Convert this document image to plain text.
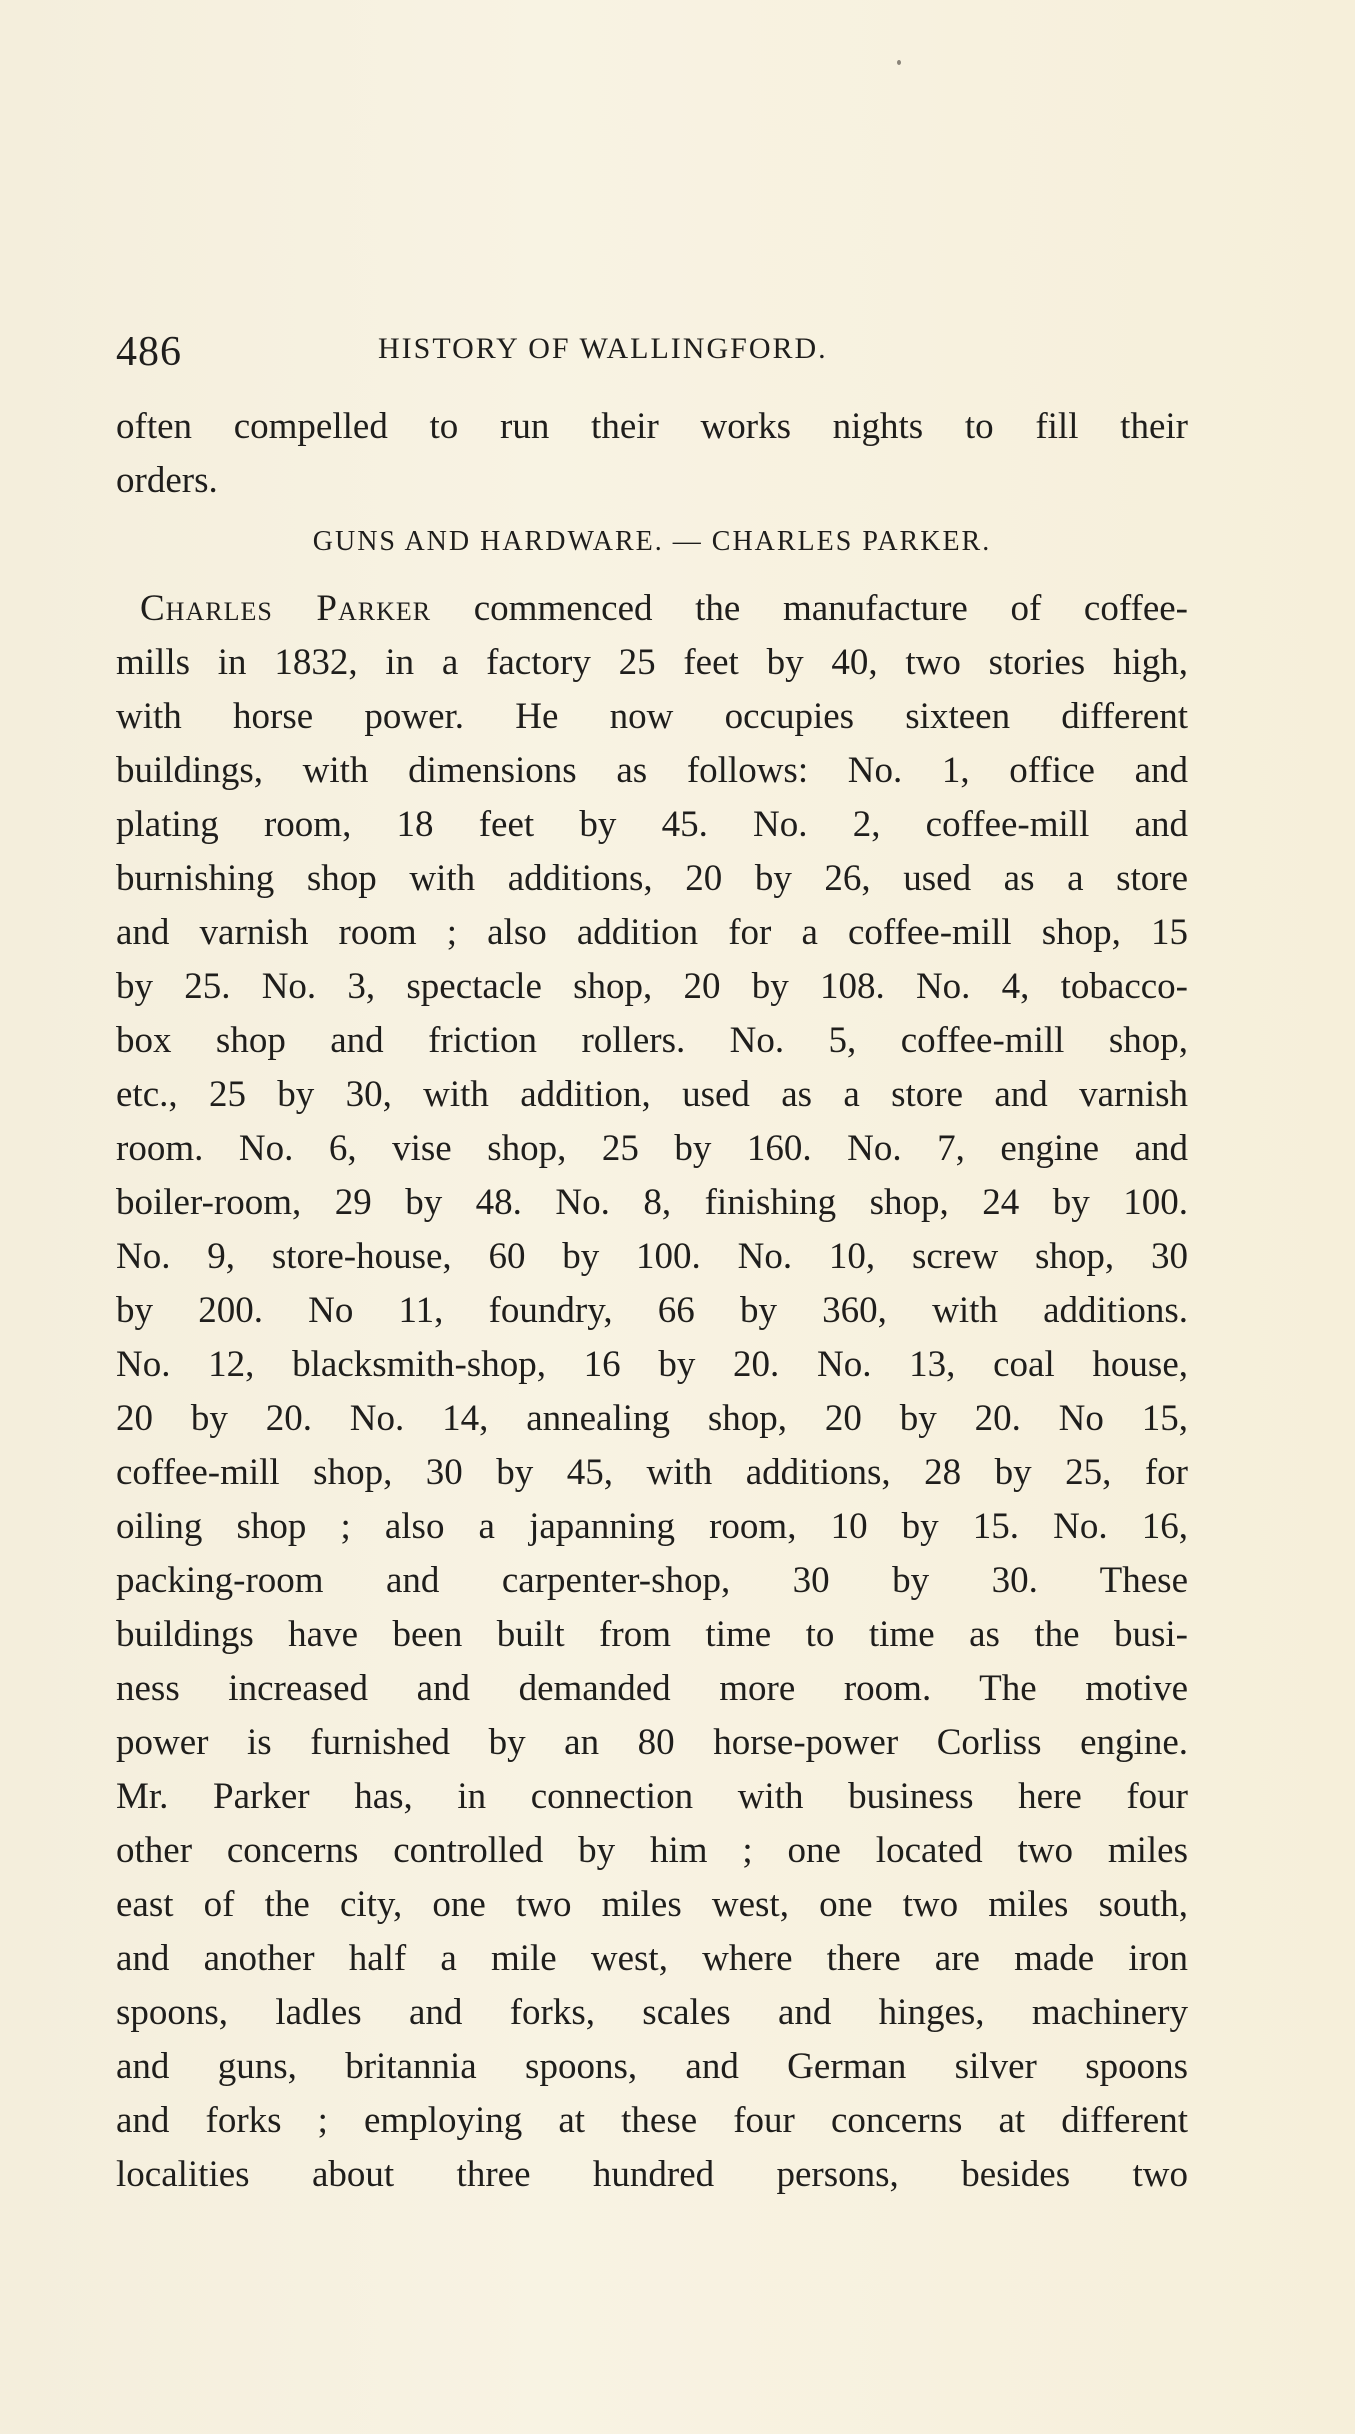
486	HISTORY OF WALLINGFORD.
often compelled to run their works nights to fill their
orders.
GUNS AND HARDWARE. — CHARLES PARKER.
Charles Parker commenced the manufacture of coffee-
mills in 1832, in a factory 25 feet by 40, two stories high,
with horse power. He now occupies sixteen different
buildings, with dimensions as follows: No. 1, office and
plating room, 18 feet by 45. No. 2, coffee-mill and
burnishing shop with additions, 20 by 26, used as a store
and varnish room ; also addition for a coffee-mill shop, 15
by 25. No. 3, spectacle shop, 20 by 108. No. 4, tobacco-
box shop and friction rollers. No. 5, coffee-mill shop,
etc., 25 by 30, with addition, used as a store and varnish
room. No. 6, vise shop, 25 by 160. No. 7, engine and
boiler-room, 29 by 48. No. 8, finishing shop, 24 by 100.
No. 9, store-house, 60 by 100. No. 10, screw shop, 30
by 200. No 11, foundry, 66 by 360, with additions.
No. 12, blacksmith-shop, 16 by 20. No. 13, coal house,
20 by 20. No. 14, annealing shop, 20 by 20. No 15,
coffee-mill shop, 30 by 45, with additions, 28 by 25, for
oiling shop ; also a japanning room, 10 by 15. No. 16,
packing-room and carpenter-shop, 30 by 30. These
buildings have been built from time to time as the busi-
ness increased and demanded more room. The motive
power is furnished by an 80 horse-power Corliss engine.
Mr. Parker has, in connection with business here four
other concerns controlled by him ; one located two miles
east of the city, one two miles west, one two miles south,
and another half a mile west, where there are made iron
spoons, ladles and forks, scales and hinges, machinery
and guns, britannia spoons, and German silver spoons
and forks ; employing at these four concerns at different
localities about three hundred persons, besides two
